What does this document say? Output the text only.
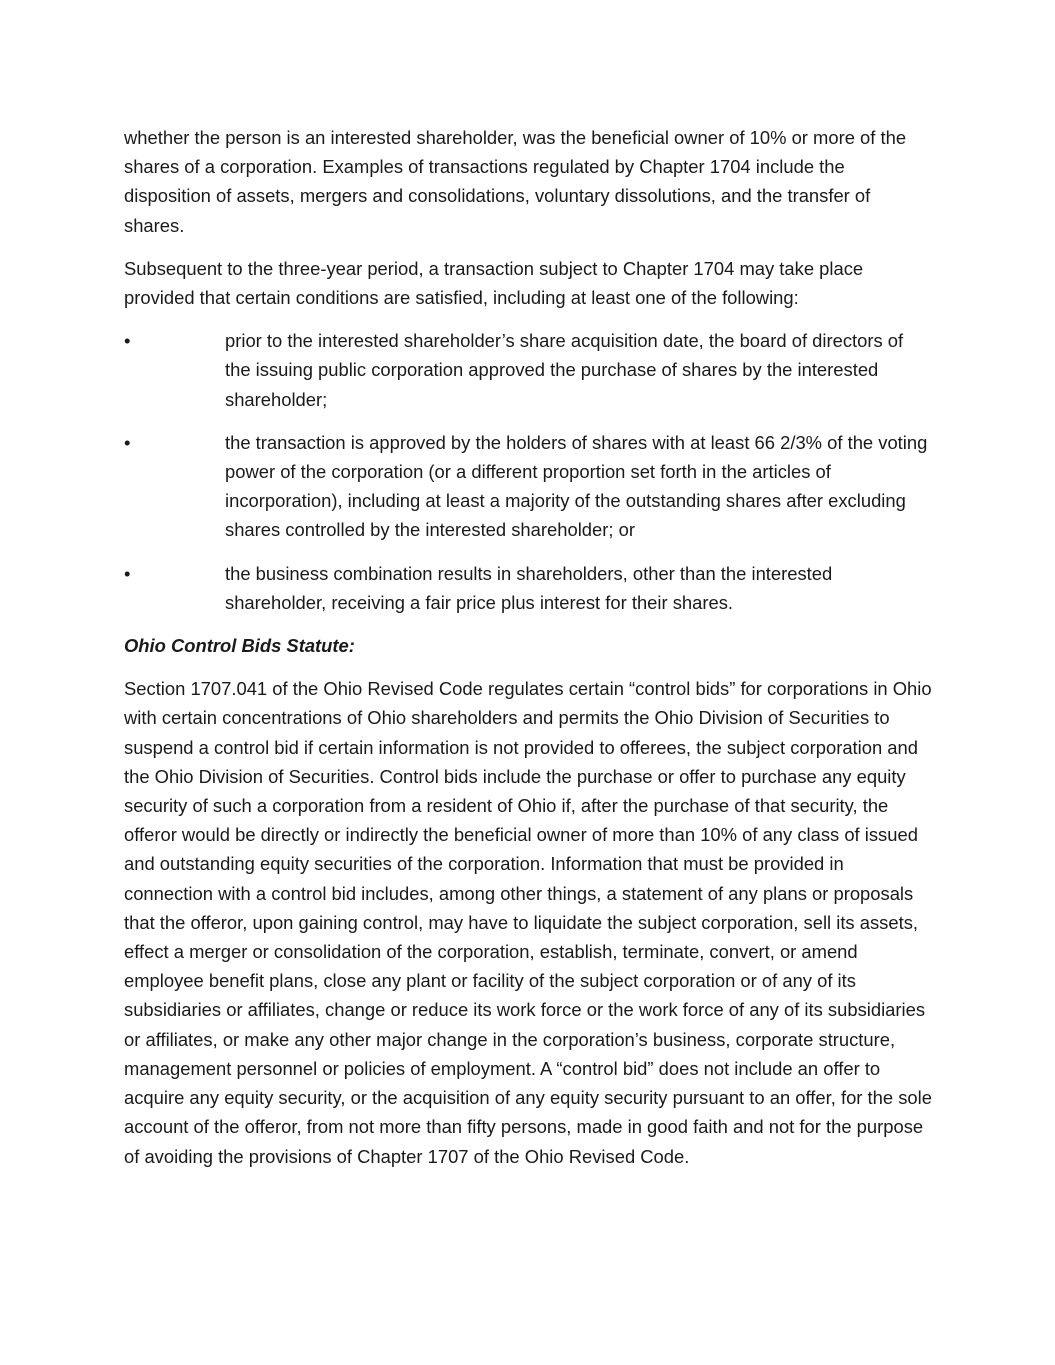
whether the person is an interested shareholder, was the beneficial owner of 10% or more of the shares of a corporation. Examples of transactions regulated by Chapter 1704 include the disposition of assets, mergers and consolidations, voluntary dissolutions, and the transfer of shares.

Subsequent to the three-year period, a transaction subject to Chapter 1704 may take place provided that certain conditions are satisfied, including at least one of the following:

•	prior to the interested shareholder’s share acquisition date, the board of directors of the issuing public corporation approved the purchase of shares by the interested shareholder;
•	the transaction is approved by the holders of shares with at least 66 2/3% of the voting power of the corporation (or a different proportion set forth in the articles of incorporation), including at least a majority of the outstanding shares after excluding shares controlled by the interested shareholder; or
•	the business combination results in shareholders, other than the interested shareholder, receiving a fair price plus interest for their shares.

Ohio Control Bids Statute:

Section 1707.041 of the Ohio Revised Code regulates certain “control bids” for corporations in Ohio with certain concentrations of Ohio shareholders and permits the Ohio Division of Securities to suspend a control bid if certain information is not provided to offerees, the subject corporation and the Ohio Division of Securities. Control bids include the purchase or offer to purchase any equity security of such a corporation from a resident of Ohio if, after the purchase of that security, the offeror would be directly or indirectly the beneficial owner of more than 10% of any class of issued and outstanding equity securities of the corporation. Information that must be provided in connection with a control bid includes, among other things, a statement of any plans or proposals that the offeror, upon gaining control, may have to liquidate the subject corporation, sell its assets, effect a merger or consolidation of the corporation, establish, terminate, convert, or amend employee benefit plans, close any plant or facility of the subject corporation or of any of its subsidiaries or affiliates, change or reduce its work force or the work force of any of its subsidiaries or affiliates, or make any other major change in the corporation’s business, corporate structure, management personnel or policies of employment. A “control bid” does not include an offer to acquire any equity security, or the acquisition of any equity security pursuant to an offer, for the sole account of the offeror, from not more than fifty persons, made in good faith and not for the purpose of avoiding the provisions of Chapter 1707 of the Ohio Revised Code.
